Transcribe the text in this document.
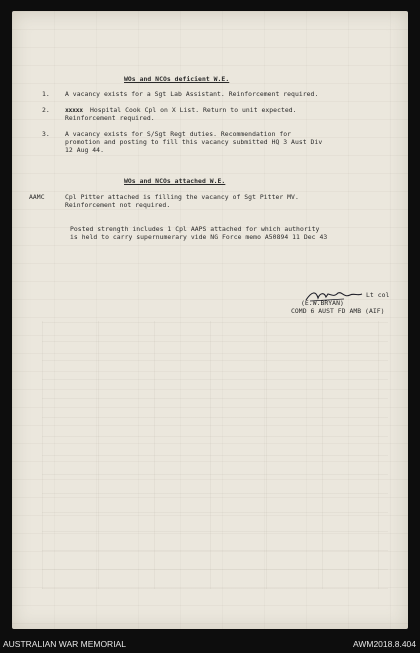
WOs and NCOs deficient W.E.
1. A vacancy exists for a Sgt Lab Assistant. Reinforcement required.
2. xxxxx Hospital Cook Cpl on X List. Return to unit expected.
Reinforcement required.
3. A vacancy exists for S/Sgt Regt duties. Recommendation for
promotion and posting to fill this vacancy submitted HQ 3 Aust Div
12 Aug 44.
WOs and NCOs attached W.E.
AAMC	Cpl Pitter attached is filling the vacancy of Sgt Pitter MV.
Reinforcement not required.
Posted strength includes 1 Cpl AAPS attached for which authority
is held to carry supernumerary vide NG Force memo A50894 11 Dec 43
Lt col
(E.W.BRYAN)
COMD 6 AUST FD AMB (AIF)
AUSTRALIAN WAR MEMORIAL	AWM2018.8.404
